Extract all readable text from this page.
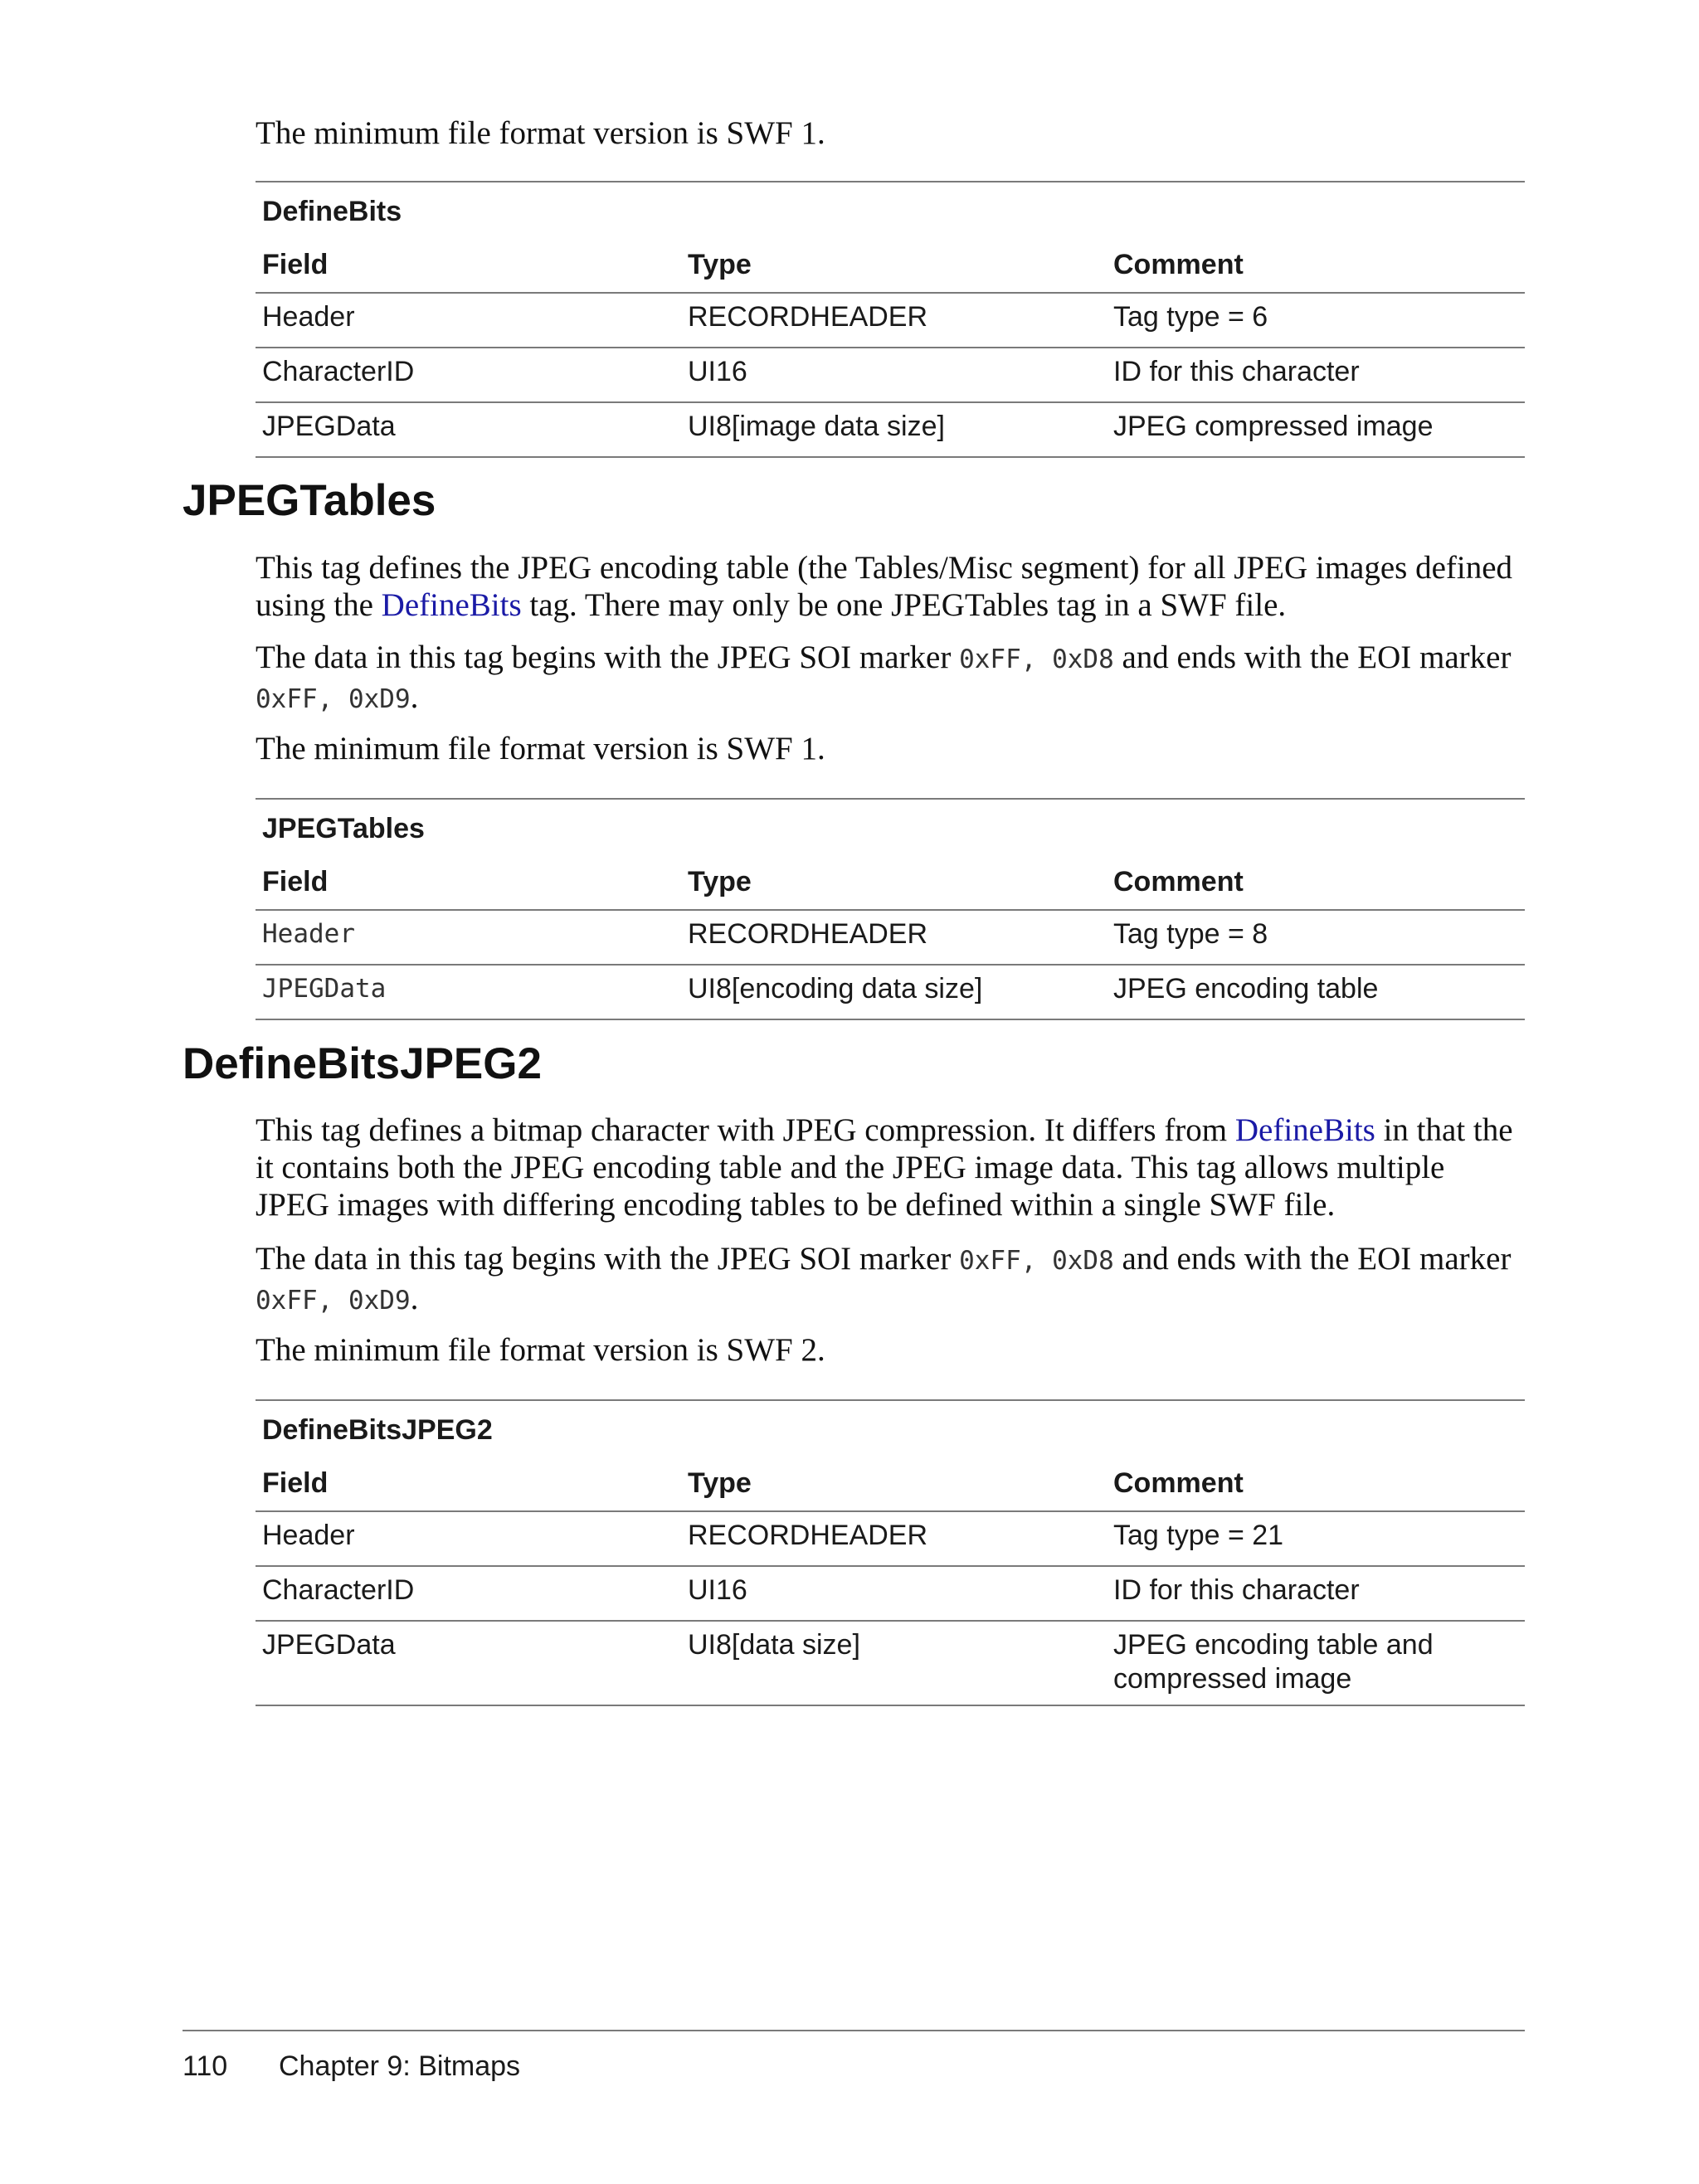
The minimum file format version is SWF 1.

DefineBits		
Field	Type	Comment
Header	RECORDHEADER	Tag type = 6
CharacterID	UI16	ID for this character
JPEGData	UI8[image data size]	JPEG compressed image
JPEGTables

This tag defines the JPEG encoding table (the Tables/Misc segment) for all JPEG images defined using the DefineBits tag. There may only be one JPEGTables tag in a SWF file.

The data in this tag begins with the JPEG SOI marker 0xFF, 0xD8 and ends with the EOI marker 0xFF, 0xD9.

The minimum file format version is SWF 1.

JPEGTables		
Field	Type	Comment
Header	RECORDHEADER	Tag type = 8
JPEGData	UI8[encoding data size]	JPEG encoding table
DefineBitsJPEG2

This tag defines a bitmap character with JPEG compression. It differs from DefineBits in that the it contains both the JPEG encoding table and the JPEG image data. This tag allows multiple JPEG images with differing encoding tables to be defined within a single SWF file.

The data in this tag begins with the JPEG SOI marker 0xFF, 0xD8 and ends with the EOI marker 0xFF, 0xD9.

The minimum file format version is SWF 2.

DefineBitsJPEG2		
Field	Type	Comment
Header	RECORDHEADER	Tag type = 21
CharacterID	UI16	ID for this character
JPEGData	UI8[data size]	JPEG encoding table and compressed image
110 Chapter 9: Bitmaps
